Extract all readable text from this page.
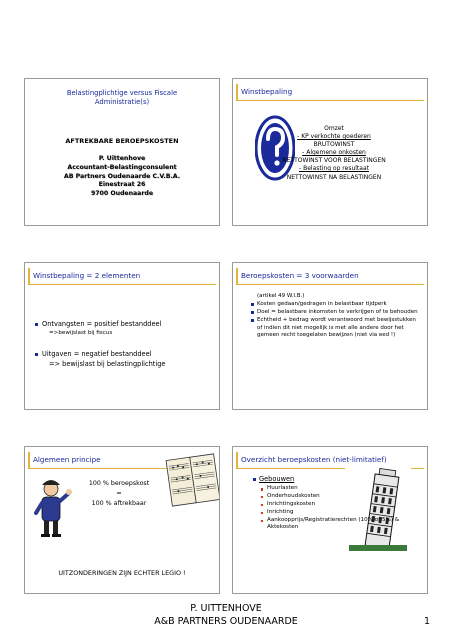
Belastingplichtige versus Fiscale
Administratie(s)
AFTREKBARE BEROEPSKOSTEN
P. Uittenhove
Accountant-Belastingconsulent
AB Partners Oudenaarde C.V.B.A.
Einestraat 26
9700 Oudenaarde
Winstbepaling
Omzet
- KP verkochte goederen
BRUTOWINST
- Algemene onkosten
NETTOWINST VOOR BELASTINGEN
- Belasting op resultaat
NETTOWINST NA BELASTINGEN
Winstbepaling = 2 elementen
Ontvangsten = positief bestanddeel
=>bewijslast bij fiscus
Uitgaven = negatief bestanddeel
=> bewijslast bij belastingplichtige
Beroepskosten = 3 voorwaarden
(artikel 49 W.I.B.)
Kosten gedaan/gedragen in belastbaar tijdperk
Doel = belastbare inkomsten te verkrijgen of te behouden
Echtheid + bedrag wordt verantwoord met bewijsstukken of indien dit niet mogelijk is met alle andere door het gemeen recht toegelaten bewijzen (niet via eed !)
Algemeen principe
100 % beroepskost
=
100 % aftrekbaar
UITZONDERINGEN ZIJN ECHTER LEGIO !
Overzicht beroepskosten (niet-limitatief)
Gebouwen
Huurlasten
Onderhoudskosten
Inrichtingskosten
Inrichting
Aankoopprijs/Registratierechten (10% of 5%) & Aktekosten
P. UITTENHOVE
A&B PARTNERS OUDENAARDE	1
